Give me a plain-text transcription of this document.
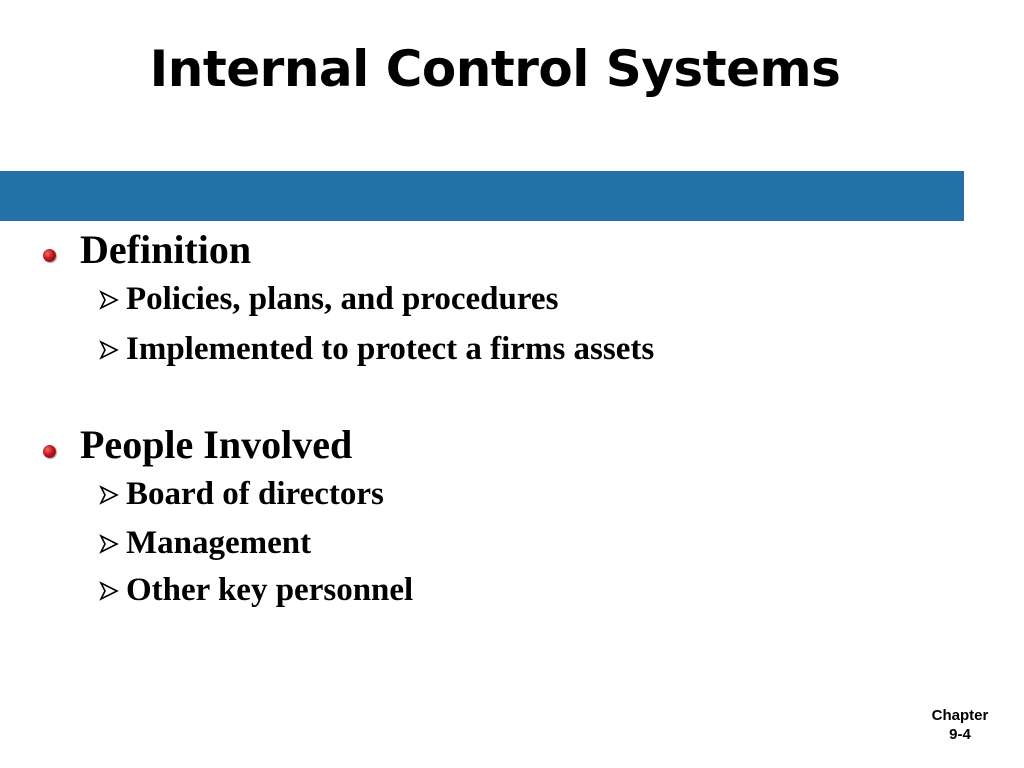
Internal Control Systems
Definition
Policies, plans, and procedures
Implemented to protect a firms assets
People Involved
Board of directors
Management
Other key personnel
Chapter
9-4
